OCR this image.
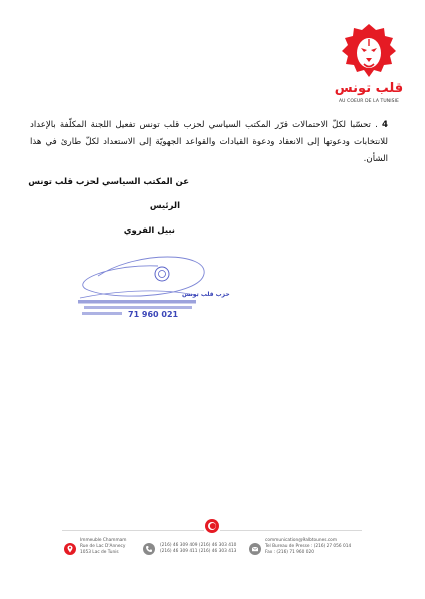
قلب تونس
AU COEUR DE LA TUNISIE
4 . تحسّبا لكلّ الاحتمالات قرّر المكتب السياسي لحزب قلب تونس تفعيل اللجنة المكلّفة بالإعداد للانتخابات ودعوتها إلى الانعقاد ودعوة القيادات والقواعد الجهويّة إلى الاستعداد لكلّ طارئ في هذا الشأن.
عن المكتب السياسي لحزب قلب تونس
الرئيس
نبيل القروي
حزب قلب تونس
71 960 021
Immeuble Chammam
Rue de Lac D'Annecy
1053 Lac de Tunis
(216) 46 309 409 (216) 46 303 410
(216) 46 309 411 (216) 46 303 413
communication@9albtounes.com
Tel Bureau de Presse : (216) 27 056 014
Fax : (216) 71 960 020
